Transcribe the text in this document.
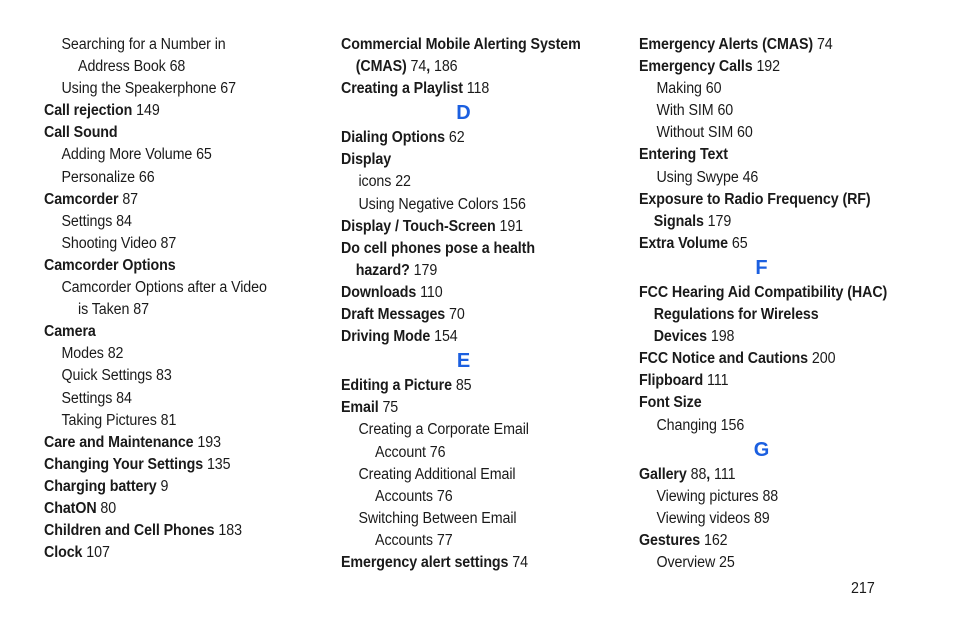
Searching for a Number in
Address Book 68
Using the Speakerphone 67
Call rejection 149
Call Sound
Adding More Volume 65
Personalize 66
Camcorder 87
Settings 84
Shooting Video 87
Camcorder Options
Camcorder Options after a Video
is Taken 87
Camera
Modes 82
Quick Settings 83
Settings 84
Taking Pictures 81
Care and Maintenance 193
Changing Your Settings 135
Charging battery 9
ChatON 80
Children and Cell Phones 183
Clock 107
Commercial Mobile Alerting System
(CMAS) 74, 186
Creating a Playlist 118
D
Dialing Options 62
Display
icons 22
Using Negative Colors 156
Display / Touch-Screen 191
Do cell phones pose a health
hazard? 179
Downloads 110
Draft Messages 70
Driving Mode 154
E
Editing a Picture 85
Email 75
Creating a Corporate Email
Account 76
Creating Additional Email
Accounts 76
Switching Between Email
Accounts 77
Emergency alert settings 74
Emergency Alerts (CMAS) 74
Emergency Calls 192
Making 60
With SIM 60
Without SIM 60
Entering Text
Using Swype 46
Exposure to Radio Frequency (RF)
Signals 179
Extra Volume 65
F
FCC Hearing Aid Compatibility (HAC)
Regulations for Wireless
Devices 198
FCC Notice and Cautions 200
Flipboard 111
Font Size
Changing 156
G
Gallery 88, 111
Viewing pictures 88
Viewing videos 89
Gestures 162
Overview 25
217
